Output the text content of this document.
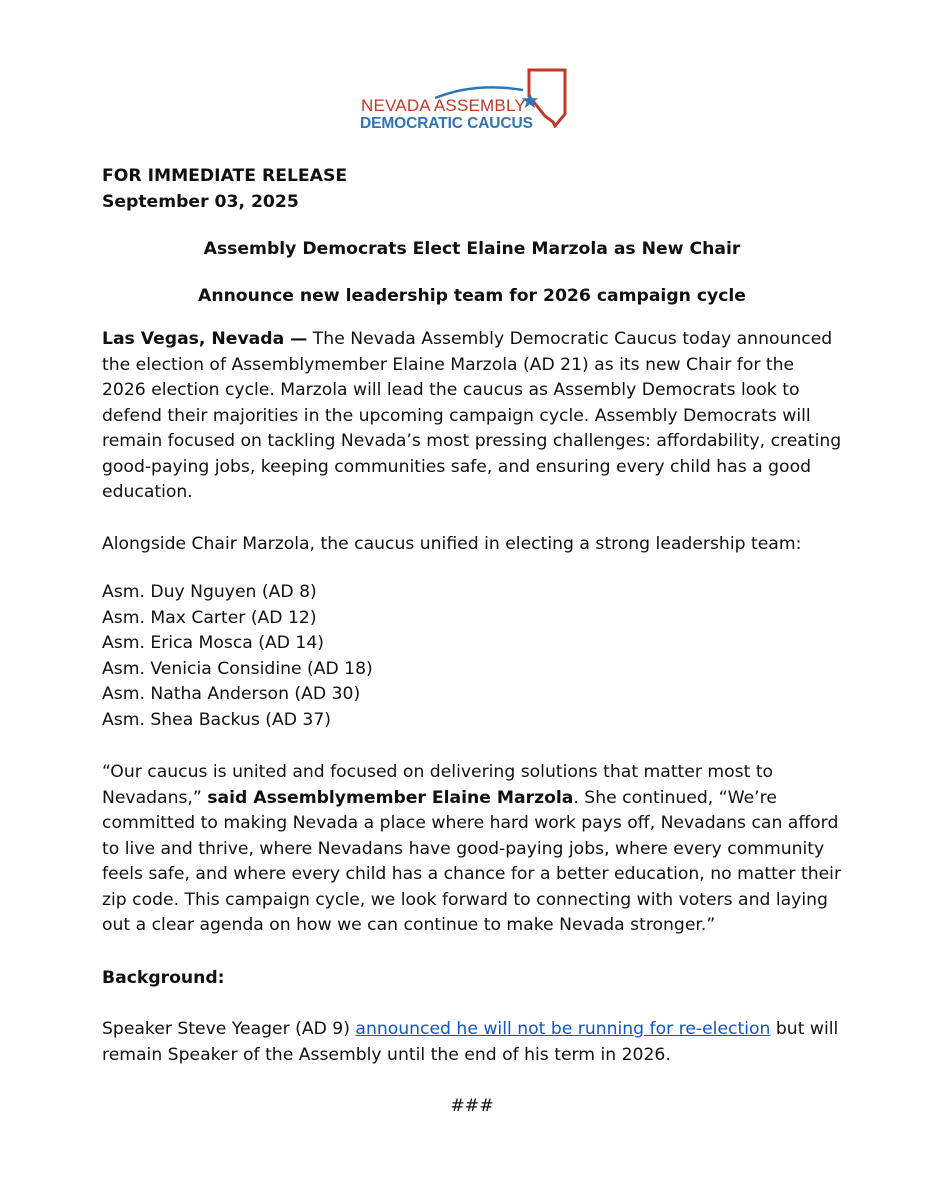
★
NEVADA ASSEMBLY
DEMOCRATIC CAUCUS

FOR IMMEDIATE RELEASE

September 03, 2025

Assembly Democrats Elect Elaine Marzola as New Chair

Announce new leadership team for 2026 campaign cycle

Las Vegas, Nevada — The Nevada Assembly Democratic Caucus today announced the election of Assemblymember Elaine Marzola (AD 21) as its new Chair for the 2026 election cycle. Marzola will lead the caucus as Assembly Democrats look to defend their majorities in the upcoming campaign cycle. Assembly Democrats will remain focused on tackling Nevada’s most pressing challenges: affordability, creating good-paying jobs, keeping communities safe, and ensuring every child has a good education.

Alongside Chair Marzola, the caucus unified in electing a strong leadership team:

Asm. Duy Nguyen (AD 8)
Asm. Max Carter (AD 12)
Asm. Erica Mosca (AD 14)
Asm. Venicia Considine (AD 18)
Asm. Natha Anderson (AD 30)
Asm. Shea Backus (AD 37)

“Our caucus is united and focused on delivering solutions that matter most to Nevadans,” said Assemblymember Elaine Marzola. She continued, “We’re committed to making Nevada a place where hard work pays off, Nevadans can afford to live and thrive, where Nevadans have good-paying jobs, where every community feels safe, and where every child has a chance for a better education, no matter their zip code. This campaign cycle, we look forward to connecting with voters and laying out a clear agenda on how we can continue to make Nevada stronger.”

Background:

Speaker Steve Yeager (AD 9) announced he will not be running for re-election but will remain Speaker of the Assembly until the end of his term in 2026.

###
